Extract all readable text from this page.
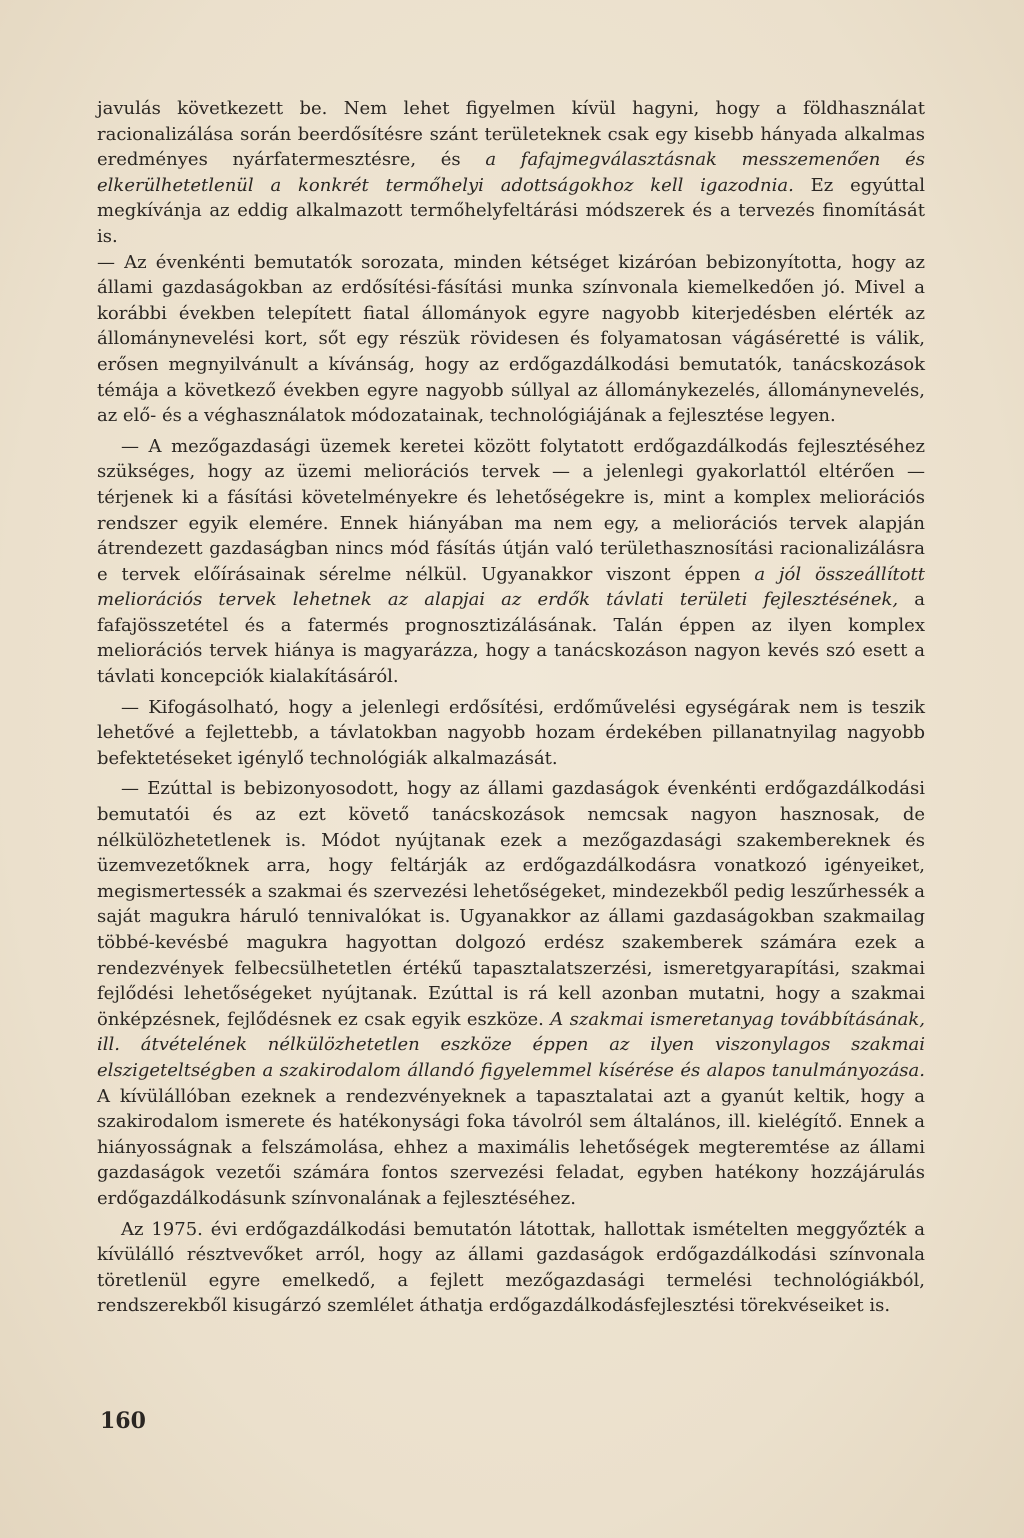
javulás következett be. Nem lehet figyelmen kívül hagyni, hogy a földhasználat racionalizálása során beerdősítésre szánt területeknek csak egy kisebb hányada alkalmas eredményes nyárfatermesztésre, és a fafajmegválasztásnak messzemenően és elkerülhetetlenül a konkrét termőhelyi adottságokhoz kell igazodnia. Ez egyúttal megkívánja az eddig alkalmazott termőhelyfeltárási módszerek és a tervezés finomítását is.

— Az évenkénti bemutatók sorozata, minden kétséget kizáróan bebizonyította, hogy az állami gazdaságokban az erdősítési-fásítási munka színvonala kiemelkedően jó. Mivel a korábbi években telepített fiatal állományok egyre nagyobb kiterjedésben elérték az állománynevelési kort, sőt egy részük rövidesen és folyamatosan vágáséretté is válik, erősen megnyilvánult a kívánság, hogy az erdőgazdálkodási bemutatók, tanácskozások témája a következő években egyre nagyobb súllyal az állománykezelés, állománynevelés, az elő- és a véghasználatok módozatainak, technológiájának a fejlesztése legyen.

— A mezőgazdasági üzemek keretei között folytatott erdőgazdálkodás fejlesztéséhez szükséges, hogy az üzemi meliorációs tervek — a jelenlegi gyakorlattól eltérően — térjenek ki a fásítási követelményekre és lehetőségekre is, mint a komplex meliorációs rendszer egyik elemére. Ennek hiányában ma nem egy, a meliorációs tervek alapján átrendezett gazdaságban nincs mód fásítás útján való területhasznosítási racionalizálásra e tervek előírásainak sérelme nélkül. Ugyanakkor viszont éppen a jól összeállított meliorációs tervek lehetnek az alapjai az erdők távlati területi fejlesztésének, a fafajösszetétel és a fatermés prognosztizálásának. Talán éppen az ilyen komplex meliorációs tervek hiánya is magyarázza, hogy a tanácskozáson nagyon kevés szó esett a távlati koncepciók kialakításáról.

— Kifogásolható, hogy a jelenlegi erdősítési, erdőművelési egységárak nem is teszik lehetővé a fejlettebb, a távlatokban nagyobb hozam érdekében pillanatnyilag nagyobb befektetéseket igénylő technológiák alkalmazását.

— Ezúttal is bebizonyosodott, hogy az állami gazdaságok évenkénti erdőgazdálkodási bemutatói és az ezt követő tanácskozások nemcsak nagyon hasznosak, de nélkülözhetetlenek is. Módot nyújtanak ezek a mezőgazdasági szakembereknek és üzemvezetőknek arra, hogy feltárják az erdőgazdálkodásra vonatkozó igényeiket, megismertessék a szakmai és szervezési lehetőségeket, mindezekből pedig leszűrhessék a saját magukra háruló tennivalókat is. Ugyanakkor az állami gazdaságokban szakmailag többé-kevésbé magukra hagyottan dolgozó erdész szakemberek számára ezek a rendezvények felbecsülhetetlen értékű tapasztalatszerzési, ismeretgyarapítási, szakmai fejlődési lehetőségeket nyújtanak. Ezúttal is rá kell azonban mutatni, hogy a szakmai önképzésnek, fejlődésnek ez csak egyik eszköze. A szakmai ismeretanyag továbbításának, ill. átvételének nélkülözhetetlen eszköze éppen az ilyen viszonylagos szakmai elszigeteltségben a szakirodalom állandó figyelemmel kísérése és alapos tanulmányozása. A kívülállóban ezeknek a rendezvényeknek a tapasztalatai azt a gyanút keltik, hogy a szakirodalom ismerete és hatékonysági foka távolról sem általános, ill. kielégítő. Ennek a hiányosságnak a felszámolása, ehhez a maximális lehetőségek megteremtése az állami gazdaságok vezetői számára fontos szervezési feladat, egyben hatékony hozzájárulás erdőgazdálkodásunk színvonalának a fejlesztéséhez.

Az 1975. évi erdőgazdálkodási bemutatón látottak, hallottak ismételten meggyőzték a kívülálló résztvevőket arról, hogy az állami gazdaságok erdőgazdálkodási színvonala töretlenül egyre emelkedő, a fejlett mezőgazdasági termelési technológiákból, rendszerekből kisugárzó szemlélet áthatja erdőgazdálkodásfejlesztési törekvéseiket is.

160
